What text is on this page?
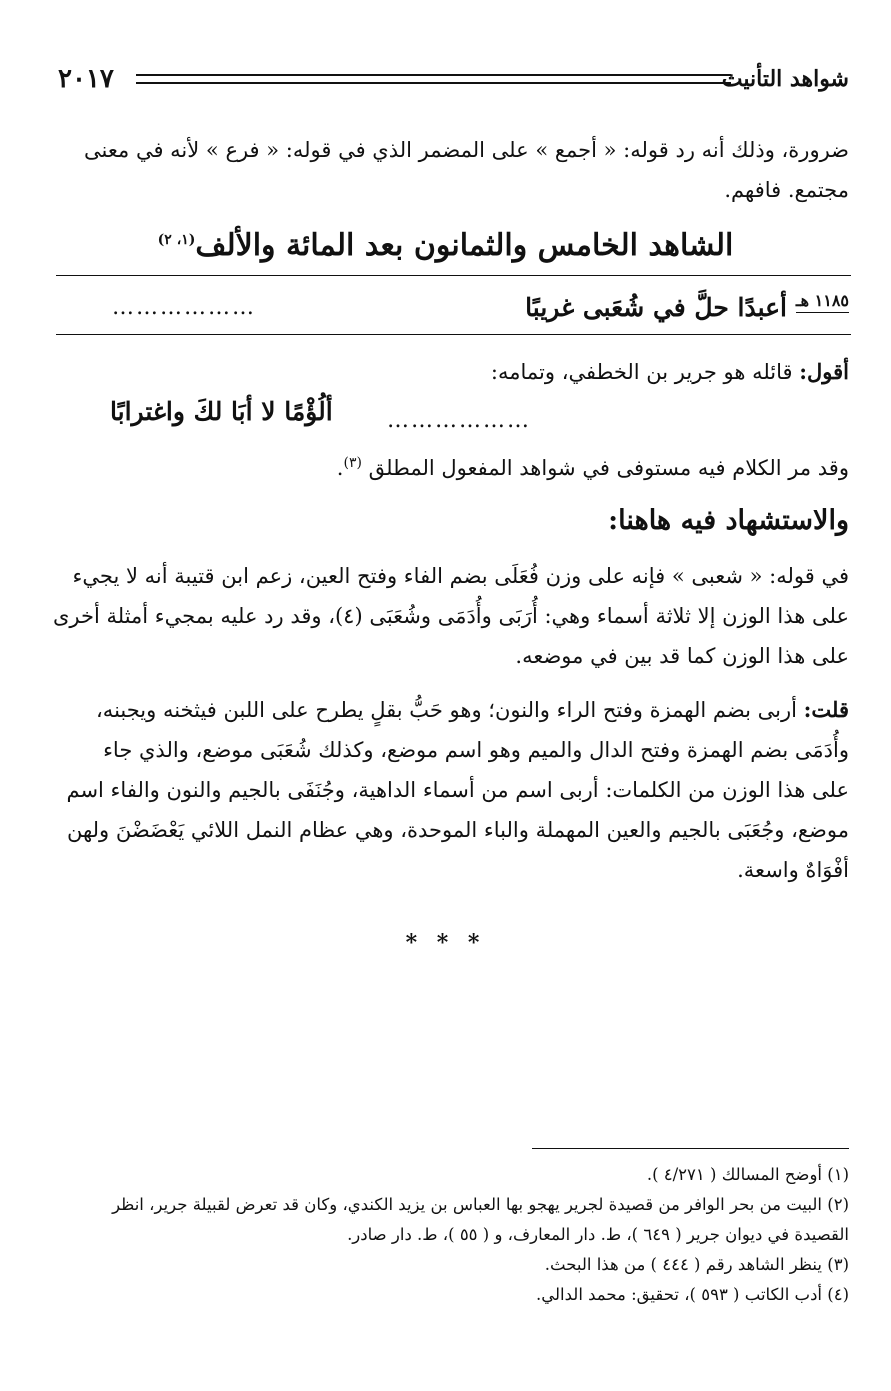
شواهد التأنيث
٢٠١٧
ضرورة، وذلك أنه رد قوله: « أجمع » على المضمر الذي في قوله: « فرع » لأنه في معنى
مجتمع. فافهم.
الشاهد الخامس والثمانون بعد المائة والألف$^{(١، ٢)}$
١١٨٥ هـ
أعبدًا حلَّ في شُعَبى غريبًا
………………
أقول: قائله هو جرير بن الخطفي، وتمامه:
ألُؤْمًا لا أبَا لكَ واغترابًا ………………
وقد مر الكلام فيه مستوفى في شواهد المفعول المطلق $^{(٣)}$.
والاستشهاد فيه هاهنا:
في قوله: « شعبى » فإنه على وزن فُعَلَى بضم الفاء وفتح العين، زعم ابن قتيبة أنه لا يجيء
على هذا الوزن إلا ثلاثة أسماء وهي: أُرَبَى وأُدَمَى وشُعَبَى (٤)، وقد رد عليه بمجيء أمثلة أخرى
على هذا الوزن كما قد بين في موضعه.
قلت: أربى بضم الهمزة وفتح الراء والنون؛ وهو حَبُّ بقلٍ يطرح على اللبن فيثخنه ويجبنه،
وأُدَمَى بضم الهمزة وفتح الدال والميم وهو اسم موضع، وكذلك شُعَبَى موضع، والذي جاء
على هذا الوزن من الكلمات: أربى اسم من أسماء الداهية، وجُنَفَى بالجيم والنون والفاء اسم
موضع، وجُعَبَى بالجيم والعين المهملة والباء الموحدة، وهي عظام النمل اللائي يَعْضَضْنَ ولهن
أفْوَاهٌ واسعة.
* * *
(١) أوضح المسالك ( ٤/٢٧١ ).
(٢) البيت من بحر الوافر من قصيدة لجرير يهجو بها العباس بن يزيد الكندي، وكان قد تعرض لقبيلة جرير، انظر
القصيدة في ديوان جرير ( ٦٤٩ )، ط. دار المعارف، و ( ٥٥ )، ط. دار صادر.
(٣) ينظر الشاهد رقم ( ٤٤٤ ) من هذا البحث.
(٤) أدب الكاتب ( ٥٩٣ )، تحقيق: محمد الدالي.
